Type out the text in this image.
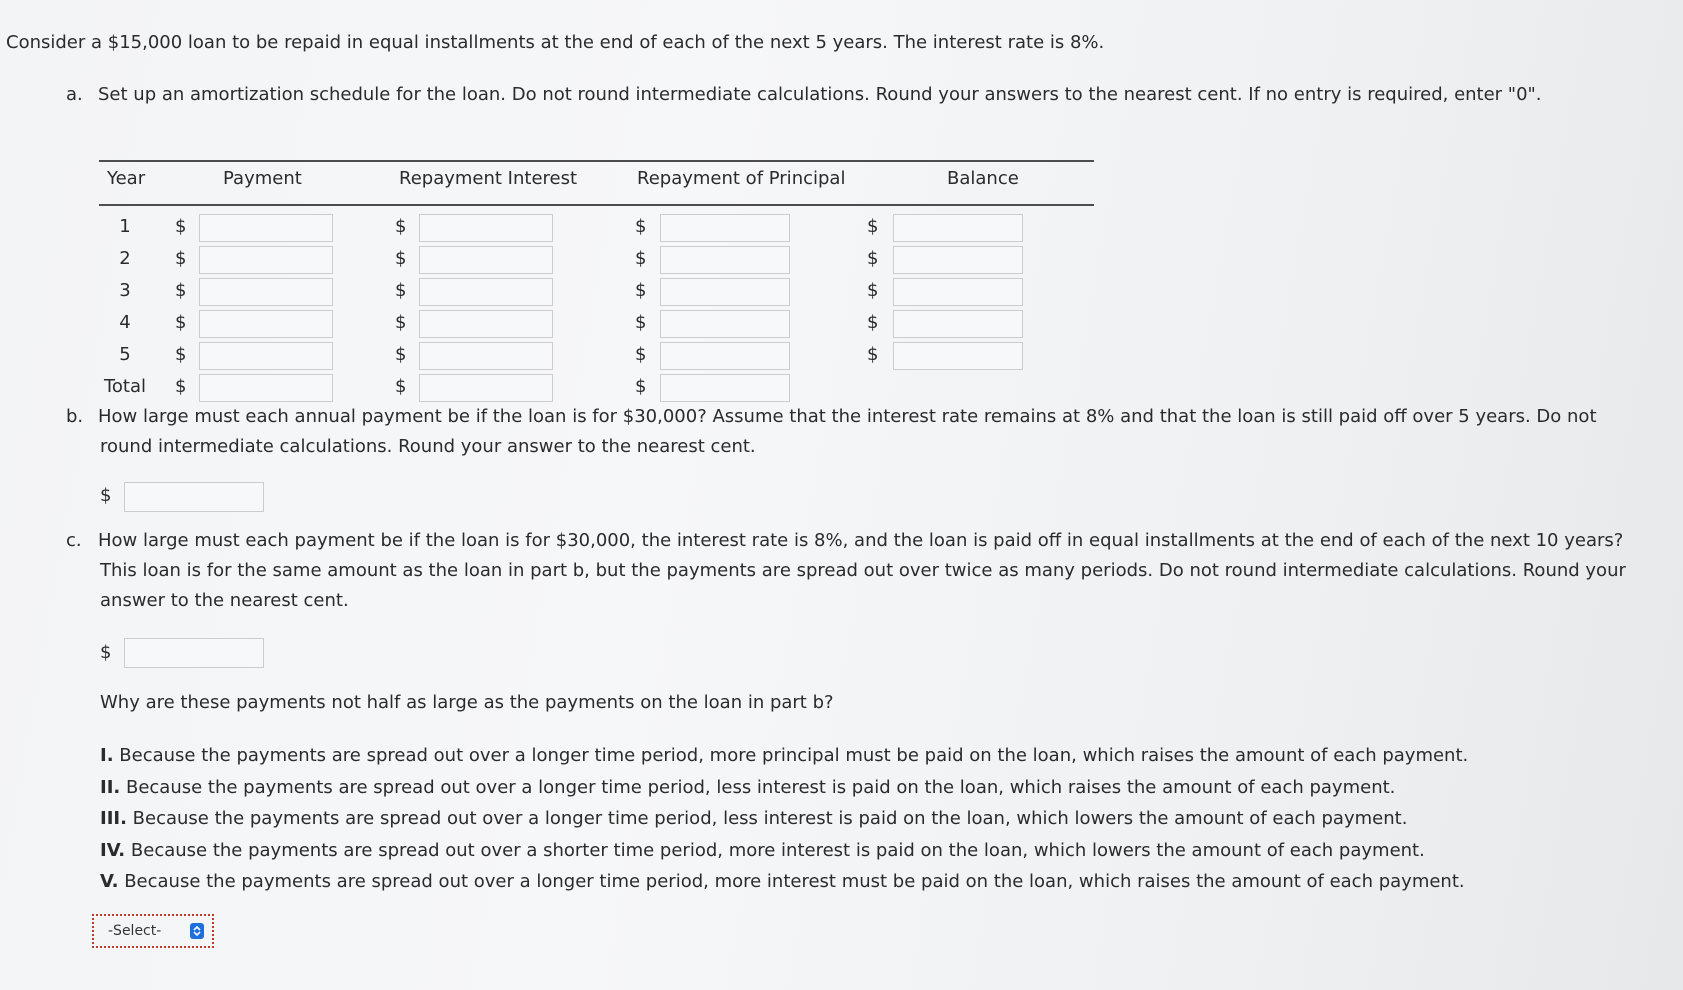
Consider a $15,000 loan to be repaid in equal installments at the end of each of the next 5 years. The interest rate is 8%.
a. Set up an amortization schedule for the loan. Do not round intermediate calculations. Round your answers to the nearest cent. If no entry is required, enter "0".
Year	Payment	Repayment Interest	Repayment of Principal	Balance
1	$	$	$	$
2	$	$	$	$
3	$	$	$	$
4	$	$	$	$
5	$	$	$	$
Total $	$	$
b. How large must each annual payment be if the loan is for $30,000? Assume that the interest rate remains at 8% and that the loan is still paid off over 5 years. Do not
round intermediate calculations. Round your answer to the nearest cent.
$
c. How large must each payment be if the loan is for $30,000, the interest rate is 8%, and the loan is paid off in equal installments at the end of each of the next 10 years?
This loan is for the same amount as the loan in part b, but the payments are spread out over twice as many periods. Do not round intermediate calculations. Round your
answer to the nearest cent.
$
Why are these payments not half as large as the payments on the loan in part b?
I. Because the payments are spread out over a longer time period, more principal must be paid on the loan, which raises the amount of each payment.
II. Because the payments are spread out over a longer time period, less interest is paid on the loan, which raises the amount of each payment.
III. Because the payments are spread out over a longer time period, less interest is paid on the loan, which lowers the amount of each payment.
IV. Because the payments are spread out over a shorter time period, more interest is paid on the loan, which lowers the amount of each payment.
V. Because the payments are spread out over a longer time period, more interest must be paid on the loan, which raises the amount of each payment.
-Select-
